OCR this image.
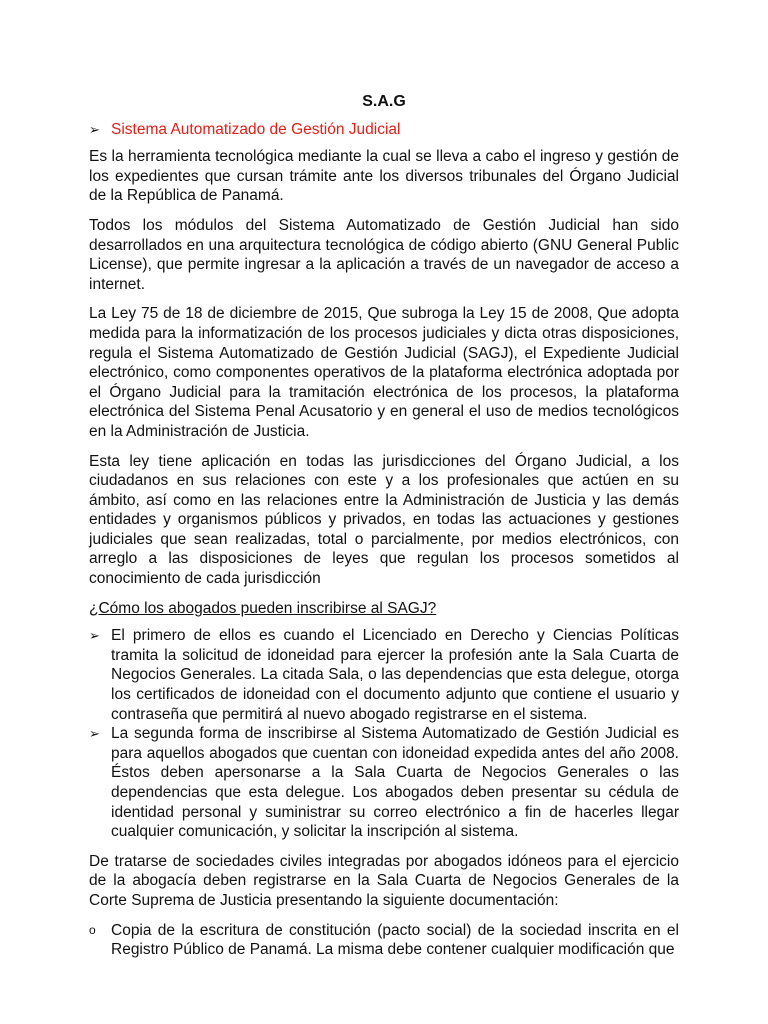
S.A.G
➢ Sistema Automatizado de Gestión Judicial

Es la herramienta tecnológica mediante la cual se lleva a cabo el ingreso y gestión de los expedientes que cursan trámite ante los diversos tribunales del Órgano Judicial de la República de Panamá.

Todos los módulos del Sistema Automatizado de Gestión Judicial han sido desarrollados en una arquitectura tecnológica de código abierto (GNU General Public License), que permite ingresar a la aplicación a través de un navegador de acceso a internet.

La Ley 75 de 18 de diciembre de 2015, Que subroga la Ley 15 de 2008, Que adopta medida para la informatización de los procesos judiciales y dicta otras disposiciones, regula el Sistema Automatizado de Gestión Judicial (SAGJ), el Expediente Judicial electrónico, como componentes operativos de la plataforma electrónica adoptada por el Órgano Judicial para la tramitación electrónica de los procesos, la plataforma electrónica del Sistema Penal Acusatorio y en general el uso de medios tecnológicos en la Administración de Justicia.

Esta ley tiene aplicación en todas las jurisdicciones del Órgano Judicial, a los ciudadanos en sus relaciones con este y a los profesionales que actúen en su ámbito, así como en las relaciones entre la Administración de Justicia y las demás entidades y organismos públicos y privados, en todas las actuaciones y gestiones judiciales que sean realizadas, total o parcialmente, por medios electrónicos, con arreglo a las disposiciones de leyes que regulan los procesos sometidos al conocimiento de cada jurisdicción

¿Cómo los abogados pueden inscribirse al SAGJ?
➢ El primero de ellos es cuando el Licenciado en Derecho y Ciencias Políticas tramita la solicitud de idoneidad para ejercer la profesión ante la Sala Cuarta de Negocios Generales. La citada Sala, o las dependencias que esta delegue, otorga los certificados de idoneidad con el documento adjunto que contiene el usuario y contraseña que permitirá al nuevo abogado registrarse en el sistema.
➢ La segunda forma de inscribirse al Sistema Automatizado de Gestión Judicial es para aquellos abogados que cuentan con idoneidad expedida antes del año 2008. Éstos deben apersonarse a la Sala Cuarta de Negocios Generales o las dependencias que esta delegue. Los abogados deben presentar su cédula de identidad personal y suministrar su correo electrónico a fin de hacerles llegar cualquier comunicación, y solicitar la inscripción al sistema.

De tratarse de sociedades civiles integradas por abogados idóneos para el ejercicio de la abogacía deben registrarse en la Sala Cuarta de Negocios Generales de la Corte Suprema de Justicia presentando la siguiente documentación:

o Copia de la escritura de constitución (pacto social) de la sociedad inscrita en el Registro Público de Panamá. La misma debe contener cualquier modificación que
